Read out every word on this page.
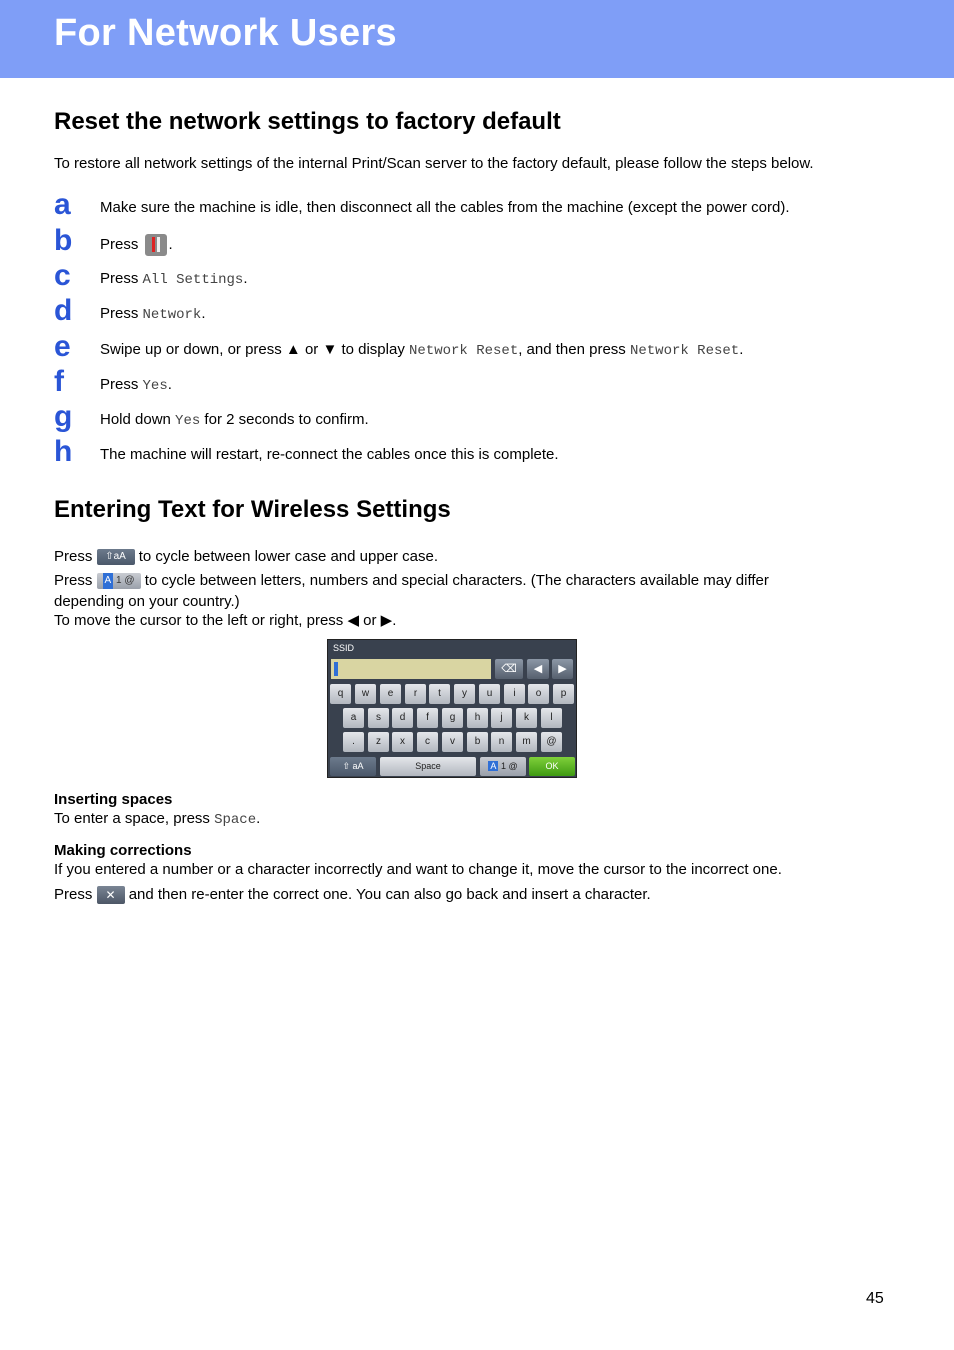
For Network Users
Reset the network settings to factory default

To restore all network settings of the internal Print/Scan server to the factory default, please follow the steps below.

a Make sure the machine is idle, then disconnect all the cables from the machine (except the power cord).
b Press .
c Press All Settings.
d Press Network.
e Swipe up or down, or press ▲ or ▼ to display Network Reset, and then press Network Reset.
f Press Yes.
g Hold down Yes for 2 seconds to confirm.
h The machine will restart, re-connect the cables once this is complete.
Entering Text for Wireless Settings

Press ⇧aA to cycle between lower case and upper case.

Press A 1 @ to cycle between letters, numbers and special characters. (The characters available may differ

depending on your country.)

To move the cursor to the left or right, press ◀ or ▶.

SSID
⌫	◀	▶
q	w	e	r	t	y	u	i	o	p
a	s	d	f	g	h	j	k	l
.	z	x	c	v	b	n	m	@
⇧ aA	Space	A 1 @	OK

Inserting spaces

To enter a space, press Space.

Making corrections

If you entered a number or a character incorrectly and want to change it, move the cursor to the incorrect one.

Press ✕ and then re-enter the correct one. You can also go back and insert a character.

45
